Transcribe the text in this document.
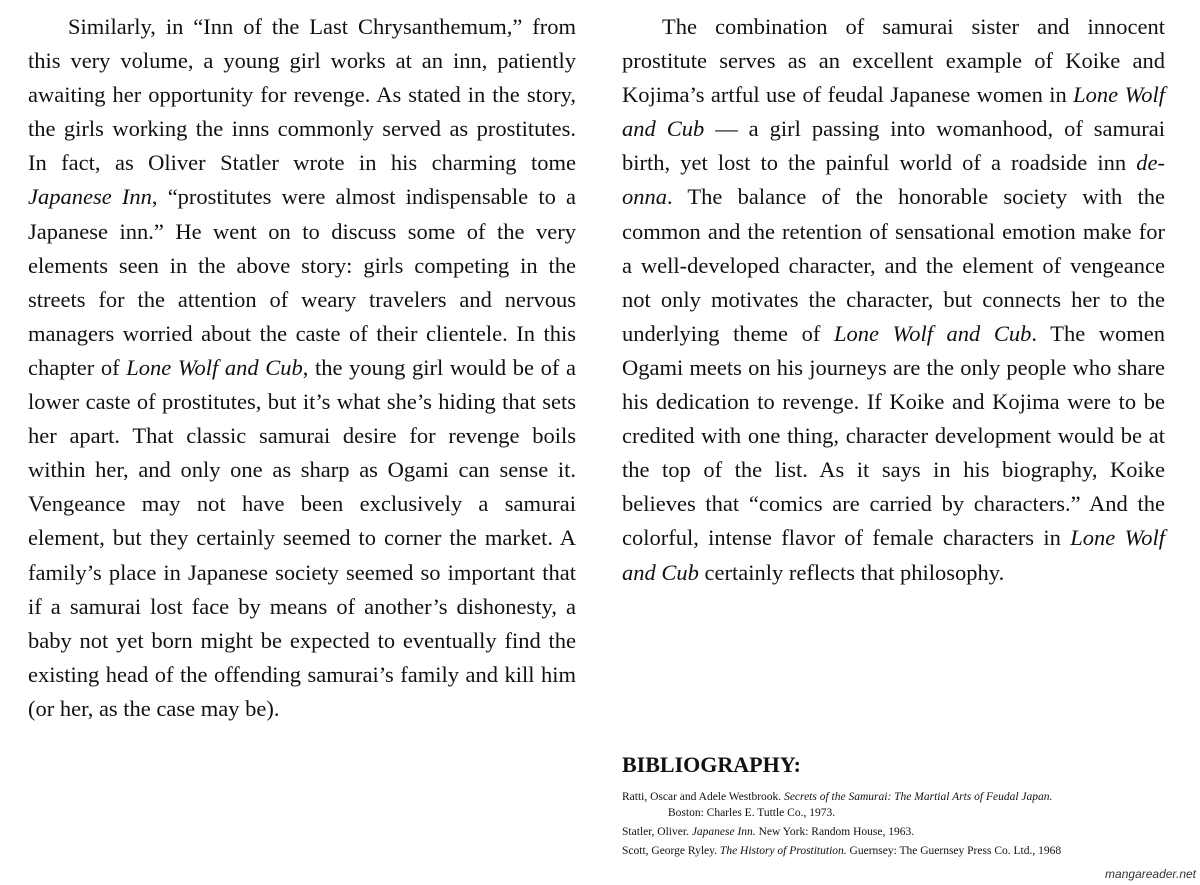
Similarly, in “Inn of the Last Chrysanthemum,” from this very volume, a young girl works at an inn, patiently awaiting her opportunity for revenge. As stated in the story, the girls working the inns commonly served as prostitutes. In fact, as Oliver Statler wrote in his charming tome Japanese Inn, “prostitutes were almost indispensable to a Japanese inn.” He went on to discuss some of the very elements seen in the above story: girls competing in the streets for the attention of weary travelers and nervous managers worried about the caste of their clientele. In this chapter of Lone Wolf and Cub, the young girl would be of a lower caste of prostitutes, but it’s what she’s hiding that sets her apart. That classic samurai desire for revenge boils within her, and only one as sharp as Ogami can sense it. Vengeance may not have been exclusively a samurai element, but they certainly seemed to corner the market. A family’s place in Japanese society seemed so important that if a samurai lost face by means of another’s dishonesty, a baby not yet born might be expected to eventually find the existing head of the offending samurai’s family and kill him (or her, as the case may be).

The combination of samurai sister and innocent prostitute serves as an excellent example of Koike and Kojima’s artful use of feudal Japanese women in Lone Wolf and Cub — a girl passing into womanhood, of samurai birth, yet lost to the painful world of a roadside inn de-onna. The balance of the honorable society with the common and the retention of sensational emotion make for a well-developed character, and the element of vengeance not only motivates the character, but connects her to the underlying theme of Lone Wolf and Cub. The women Ogami meets on his journeys are the only people who share his dedication to revenge. If Koike and Kojima were to be credited with one thing, character development would be at the top of the list. As it says in his biography, Koike believes that “comics are carried by characters.” And the colorful, intense flavor of female characters in Lone Wolf and Cub certainly reflects that philosophy.

BIBLIOGRAPHY:
Ratti, Oscar and Adele Westbrook. Secrets of the Samurai: The Martial Arts of Feudal Japan.
Boston: Charles E. Tuttle Co., 1973.
Statler, Oliver. Japanese Inn. New York: Random House, 1963.
Scott, George Ryley. The History of Prostitution. Guernsey: The Guernsey Press Co. Ltd., 1968
mangareader.net
